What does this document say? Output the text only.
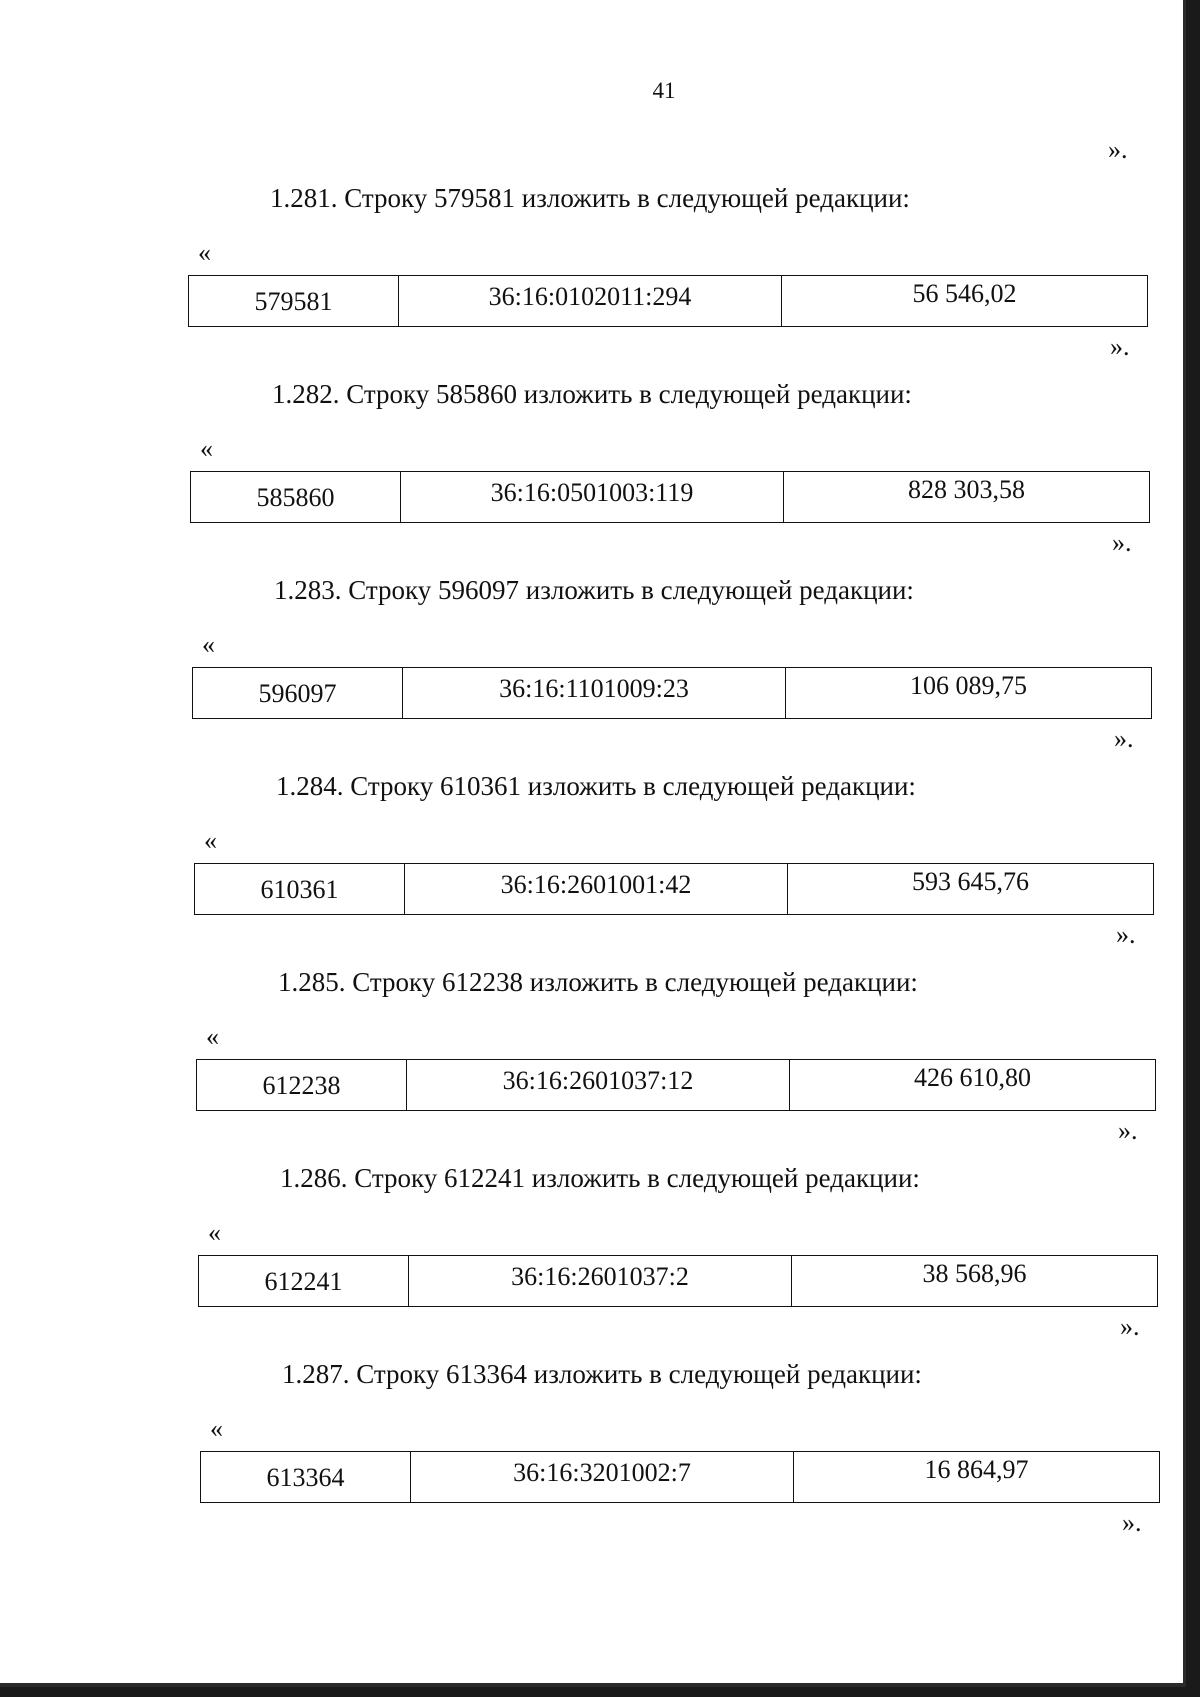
41
».
1.281. Строку 579581 изложить в следующей редакции:
«
579581	36:16:0102011:294	56 546,02
».
1.282. Строку 585860 изложить в следующей редакции:
«
585860	36:16:0501003:119	828 303,58
».
1.283. Строку 596097 изложить в следующей редакции:
«
596097	36:16:1101009:23	106 089,75
».
1.284. Строку 610361 изложить в следующей редакции:
«
610361	36:16:2601001:42	593 645,76
».
1.285. Строку 612238 изложить в следующей редакции:
«
612238	36:16:2601037:12	426 610,80
».
1.286. Строку 612241 изложить в следующей редакции:
«
612241	36:16:2601037:2	38 568,96
».
1.287. Строку 613364 изложить в следующей редакции:
«
613364	36:16:3201002:7	16 864,97
».
